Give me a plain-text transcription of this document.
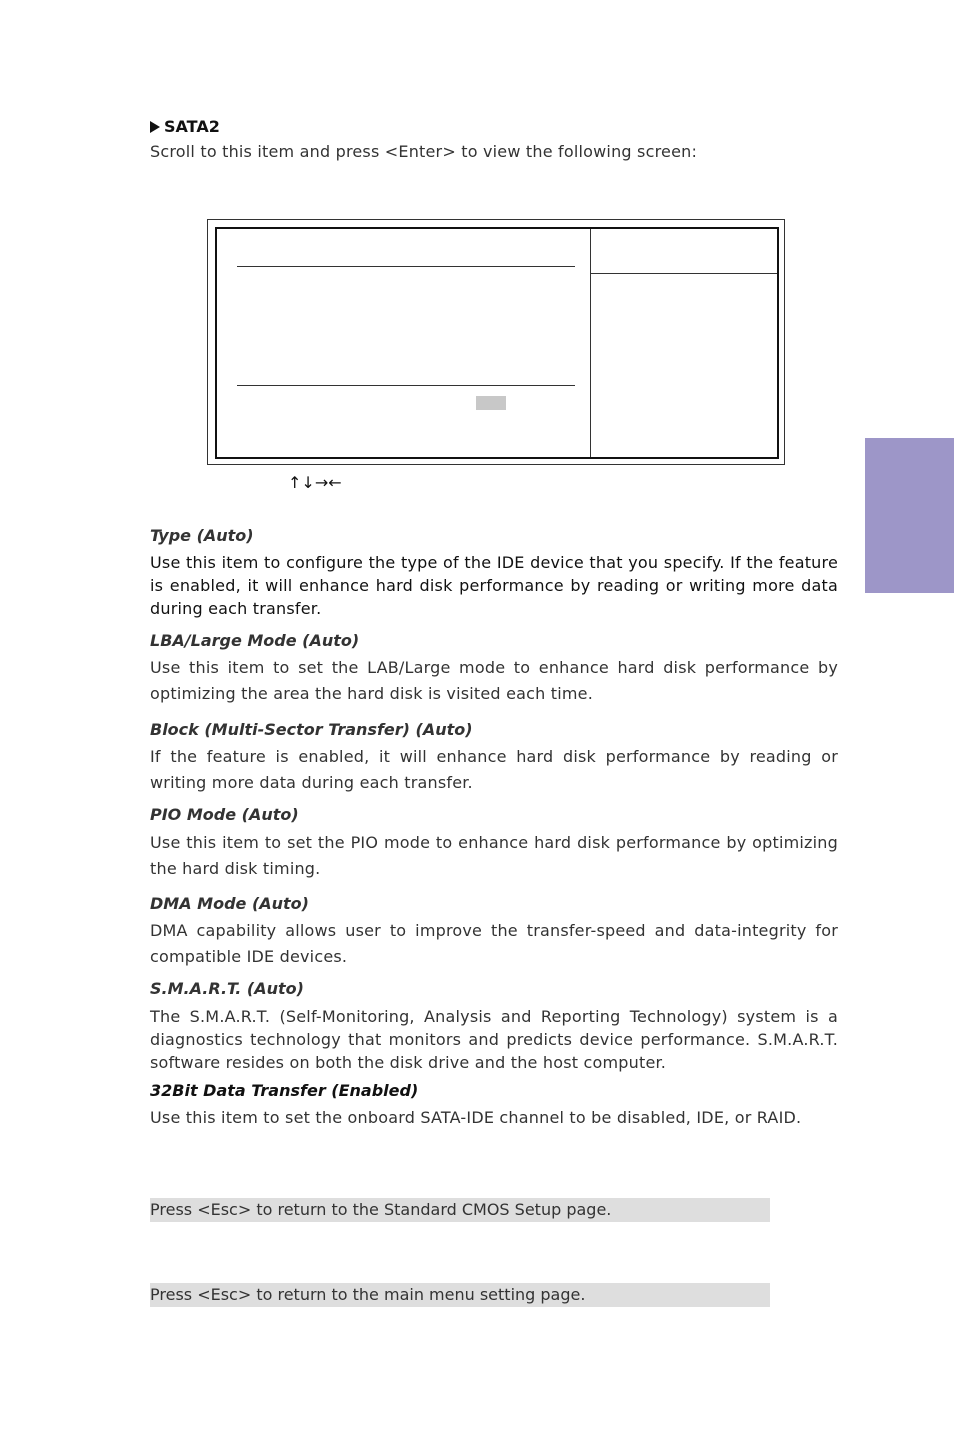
SATA2
Scroll to this item and press <Enter> to view the following screen:
↑↓→←
Type (Auto)
Use this item to configure the type of the IDE device that you specify. If the feature is enabled, it will enhance hard disk performance by reading or writing more data during each transfer.
LBA/Large Mode (Auto)
Use this item to set the LAB/Large mode to enhance hard disk performance by optimizing the area the hard disk is visited each time.
Block (Multi-Sector Transfer) (Auto)
If the feature is enabled, it will enhance hard disk performance by reading or writing more data during each transfer.
PIO Mode (Auto)
Use this item to set the PIO mode to enhance hard disk performance by optimizing the hard disk timing.
DMA Mode (Auto)
DMA capability allows user to improve the transfer-speed and data-integrity for compatible IDE devices.
S.M.A.R.T. (Auto)
The S.M.A.R.T. (Self-Monitoring, Analysis and Reporting Technology) system is a diagnostics technology that monitors and predicts device performance. S.M.A.R.T. software resides on both the disk drive and the host computer.
32Bit Data Transfer (Enabled)
Use this item to set the onboard SATA-IDE channel to be disabled, IDE, or RAID.
Press <Esc> to return to the Standard CMOS Setup page.
Press <Esc> to return to the main menu setting page.
